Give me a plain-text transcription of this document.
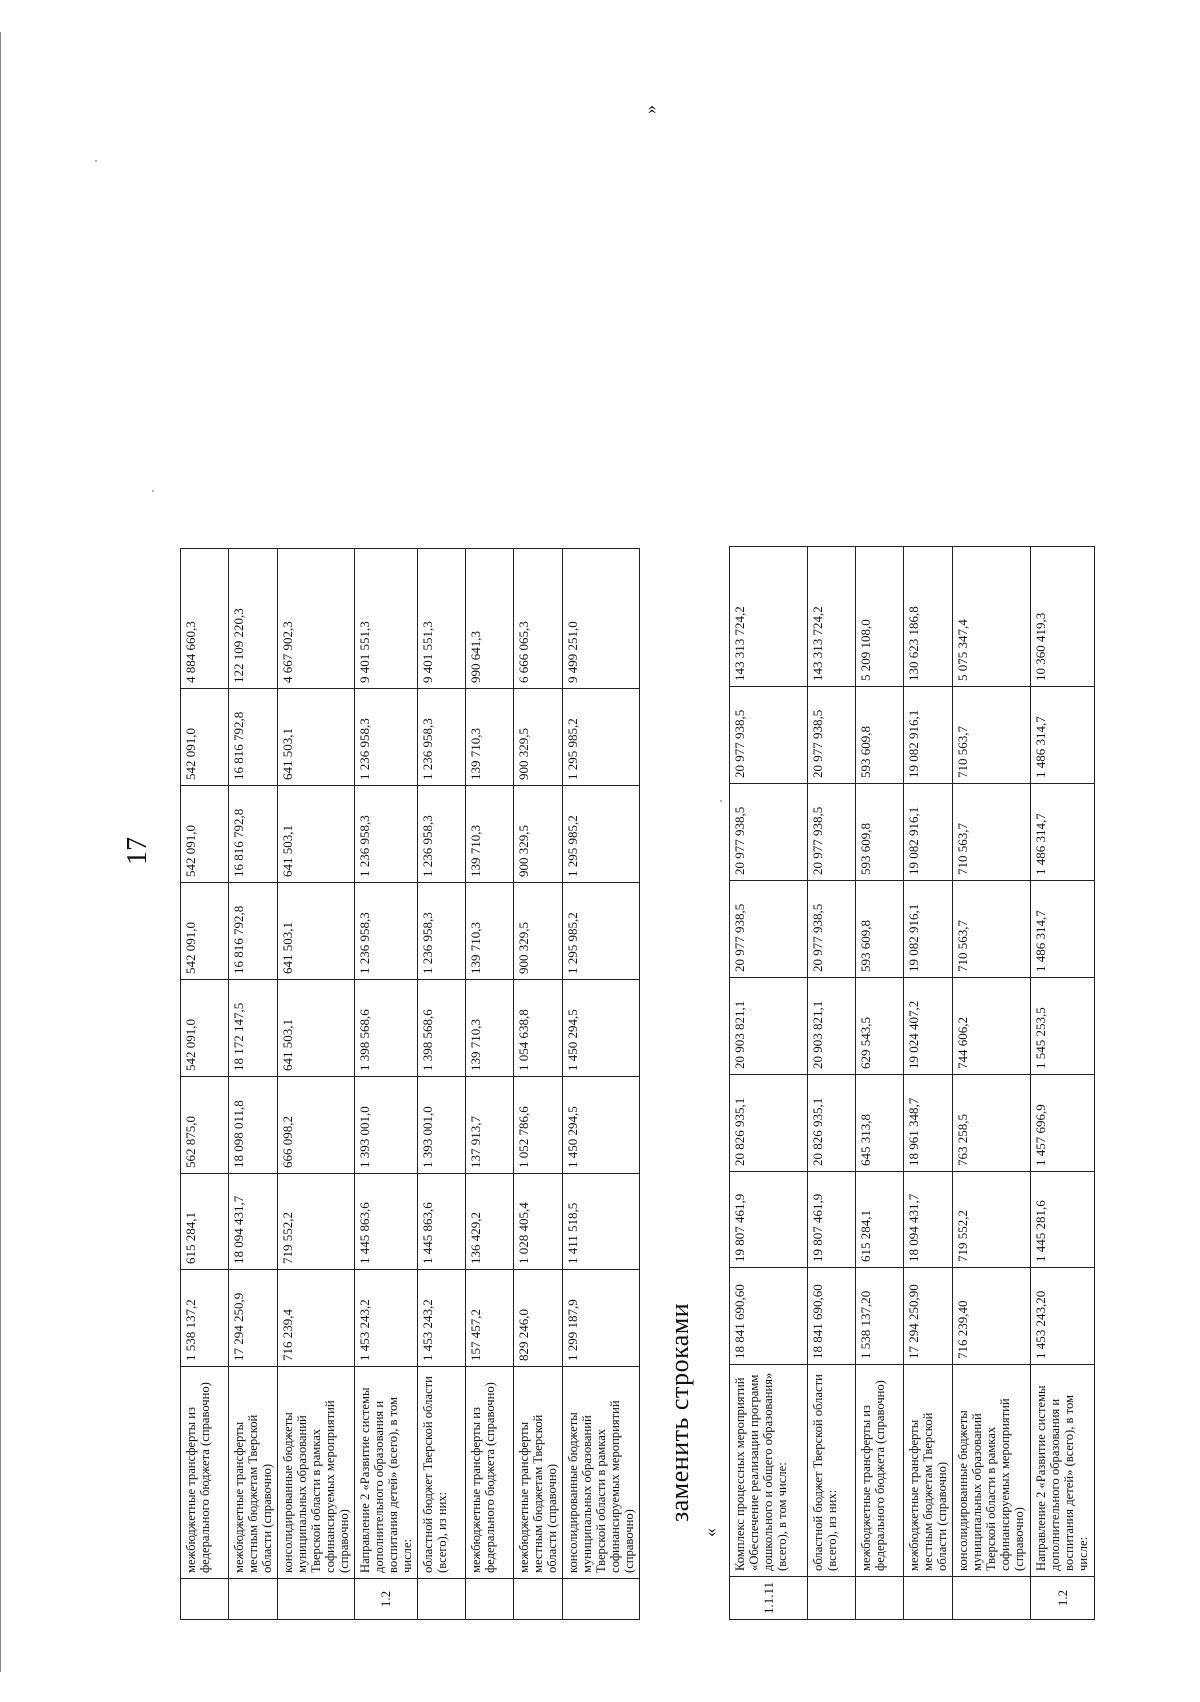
17
	межбюджетные трансферты из федерального бюджета (справочно)	1 538 137,2	615 284,1	562 875,0	542 091,0	542 091,0	542 091,0	542 091,0	4 884 660,3
	межбюджетные трансферты местным бюджетам Тверской области (справочно)	17 294 250,9	18 094 431,7	18 098 011,8	18 172 147,5	16 816 792,8	16 816 792,8	16 816 792,8	122 109 220,3
	консолидированные бюджеты муниципальных образований Тверской области в рамках софинансируемых мероприятий (справочно)	716 239,4	719 552,2	666 098,2	641 503,1	641 503,1	641 503,1	641 503,1	4 667 902,3
1.2	Направление 2 «Развитие системы дополнительного образования и воспитания детей» (всего), в том числе:	1 453 243,2	1 445 863,6	1 393 001,0	1 398 568,6	1 236 958,3	1 236 958,3	1 236 958,3	9 401 551,3
	областной бюджет Тверской области (всего), из них:	1 453 243,2	1 445 863,6	1 393 001,0	1 398 568,6	1 236 958,3	1 236 958,3	1 236 958,3	9 401 551,3
	межбюджетные трансферты из федерального бюджета (справочно)	157 457,2	136 429,2	137 913,7	139 710,3	139 710,3	139 710,3	139 710,3	990 641,3
	межбюджетные трансферты местным бюджетам Тверской области (справочно)	829 246,0	1 028 405,4	1 052 786,6	1 054 638,8	900 329,5	900 329,5	900 329,5	6 666 065,3
	консолидированные бюджеты муниципальных образований Тверской области в рамках софинансируемых мероприятий (справочно)	1 299 187,9	1 411 518,5	1 450 294,5	1 450 294,5	1 295 985,2	1 295 985,2	1 295 985,2	9 499 251,0
»
заменить строками
«
1.1.11	Комплекс процессных мероприятий «Обеспечение реализации программ дошкольного и общего образования» (всего), в том числе:	18 841 690,60	19 807 461,9	20 826 935,1	20 903 821,1	20 977 938,5	20 977 938,5	20 977 938,5	143 313 724,2
	областной бюджет Тверской области (всего), из них:	18 841 690,60	19 807 461,9	20 826 935,1	20 903 821,1	20 977 938,5	20 977 938,5	20 977 938,5	143 313 724,2
	межбюджетные трансферты из федерального бюджета (справочно)	1 538 137,20	615 284,1	645 313,8	629 543,5	593 609,8	593 609,8	593 609,8	5 209 108,0
	межбюджетные трансферты местным бюджетам Тверской области (справочно)	17 294 250,90	18 094 431,7	18 961 348,7	19 024 407,2	19 082 916,1	19 082 916,1	19 082 916,1	130 623 186,8
	консолидированные бюджеты муниципальных образований Тверской области в рамках софинансируемых мероприятий (справочно)	716 239,40	719 552,2	763 258,5	744 606,2	710 563,7	710 563,7	710 563,7	5 075 347,4
1.2	Направление 2 «Развитие системы дополнительного образования и воспитания детей» (всего), в том числе:	1 453 243,20	1 445 281,6	1 457 696,9	1 545 253,5	1 486 314,7	1 486 314,7	1 486 314,7	10 360 419,3
